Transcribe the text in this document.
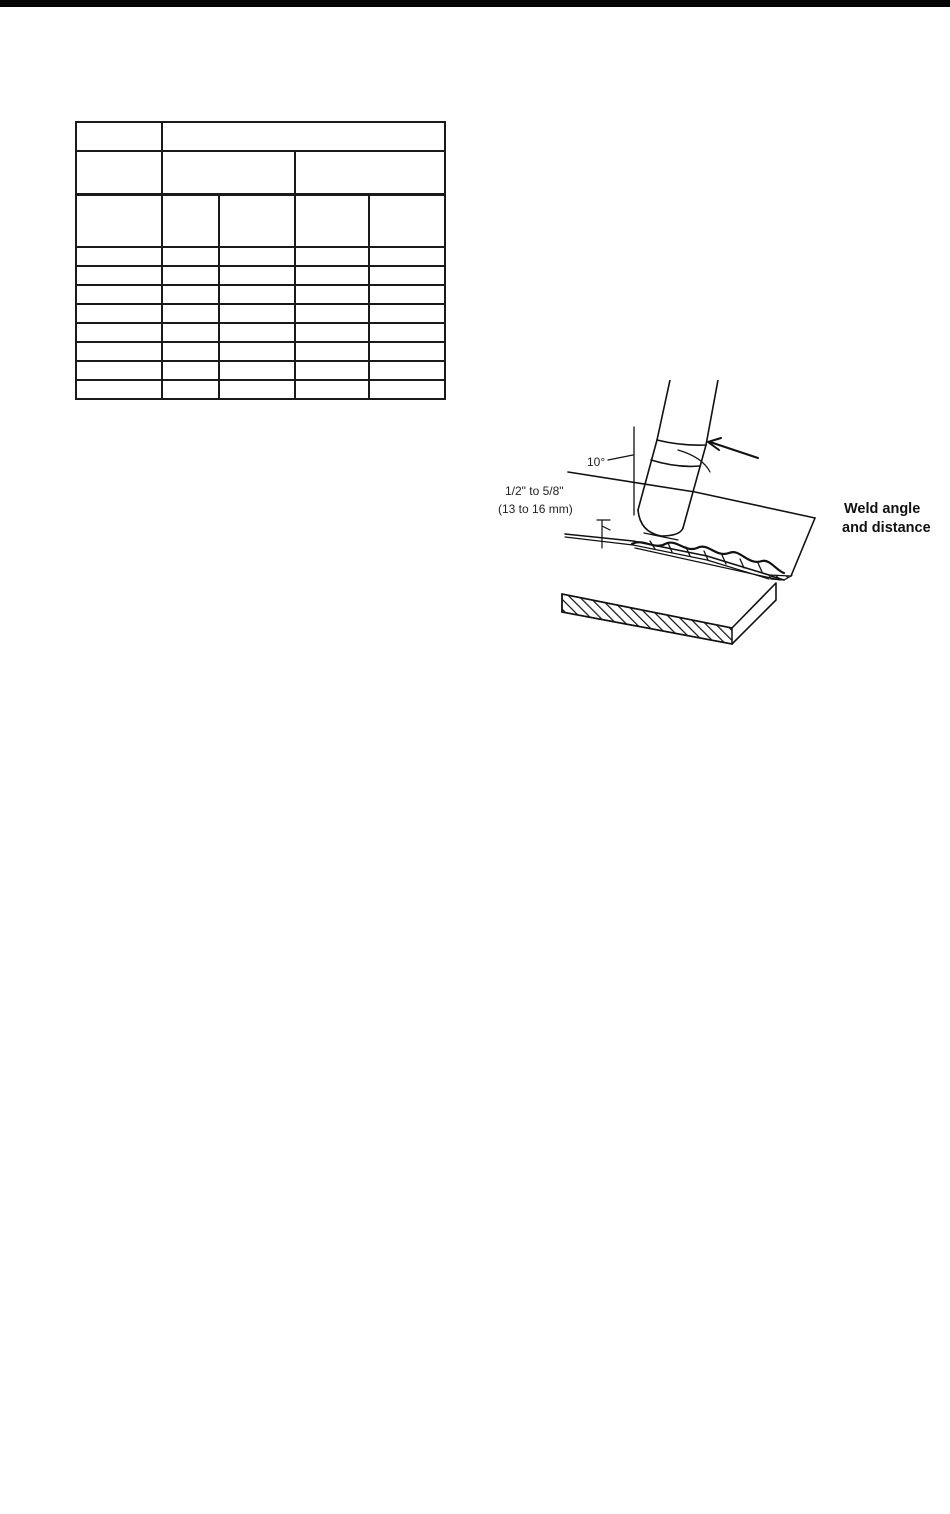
10°
1/2" to 5/8"
(13 to 16 mm)	Weld angle
and distance
